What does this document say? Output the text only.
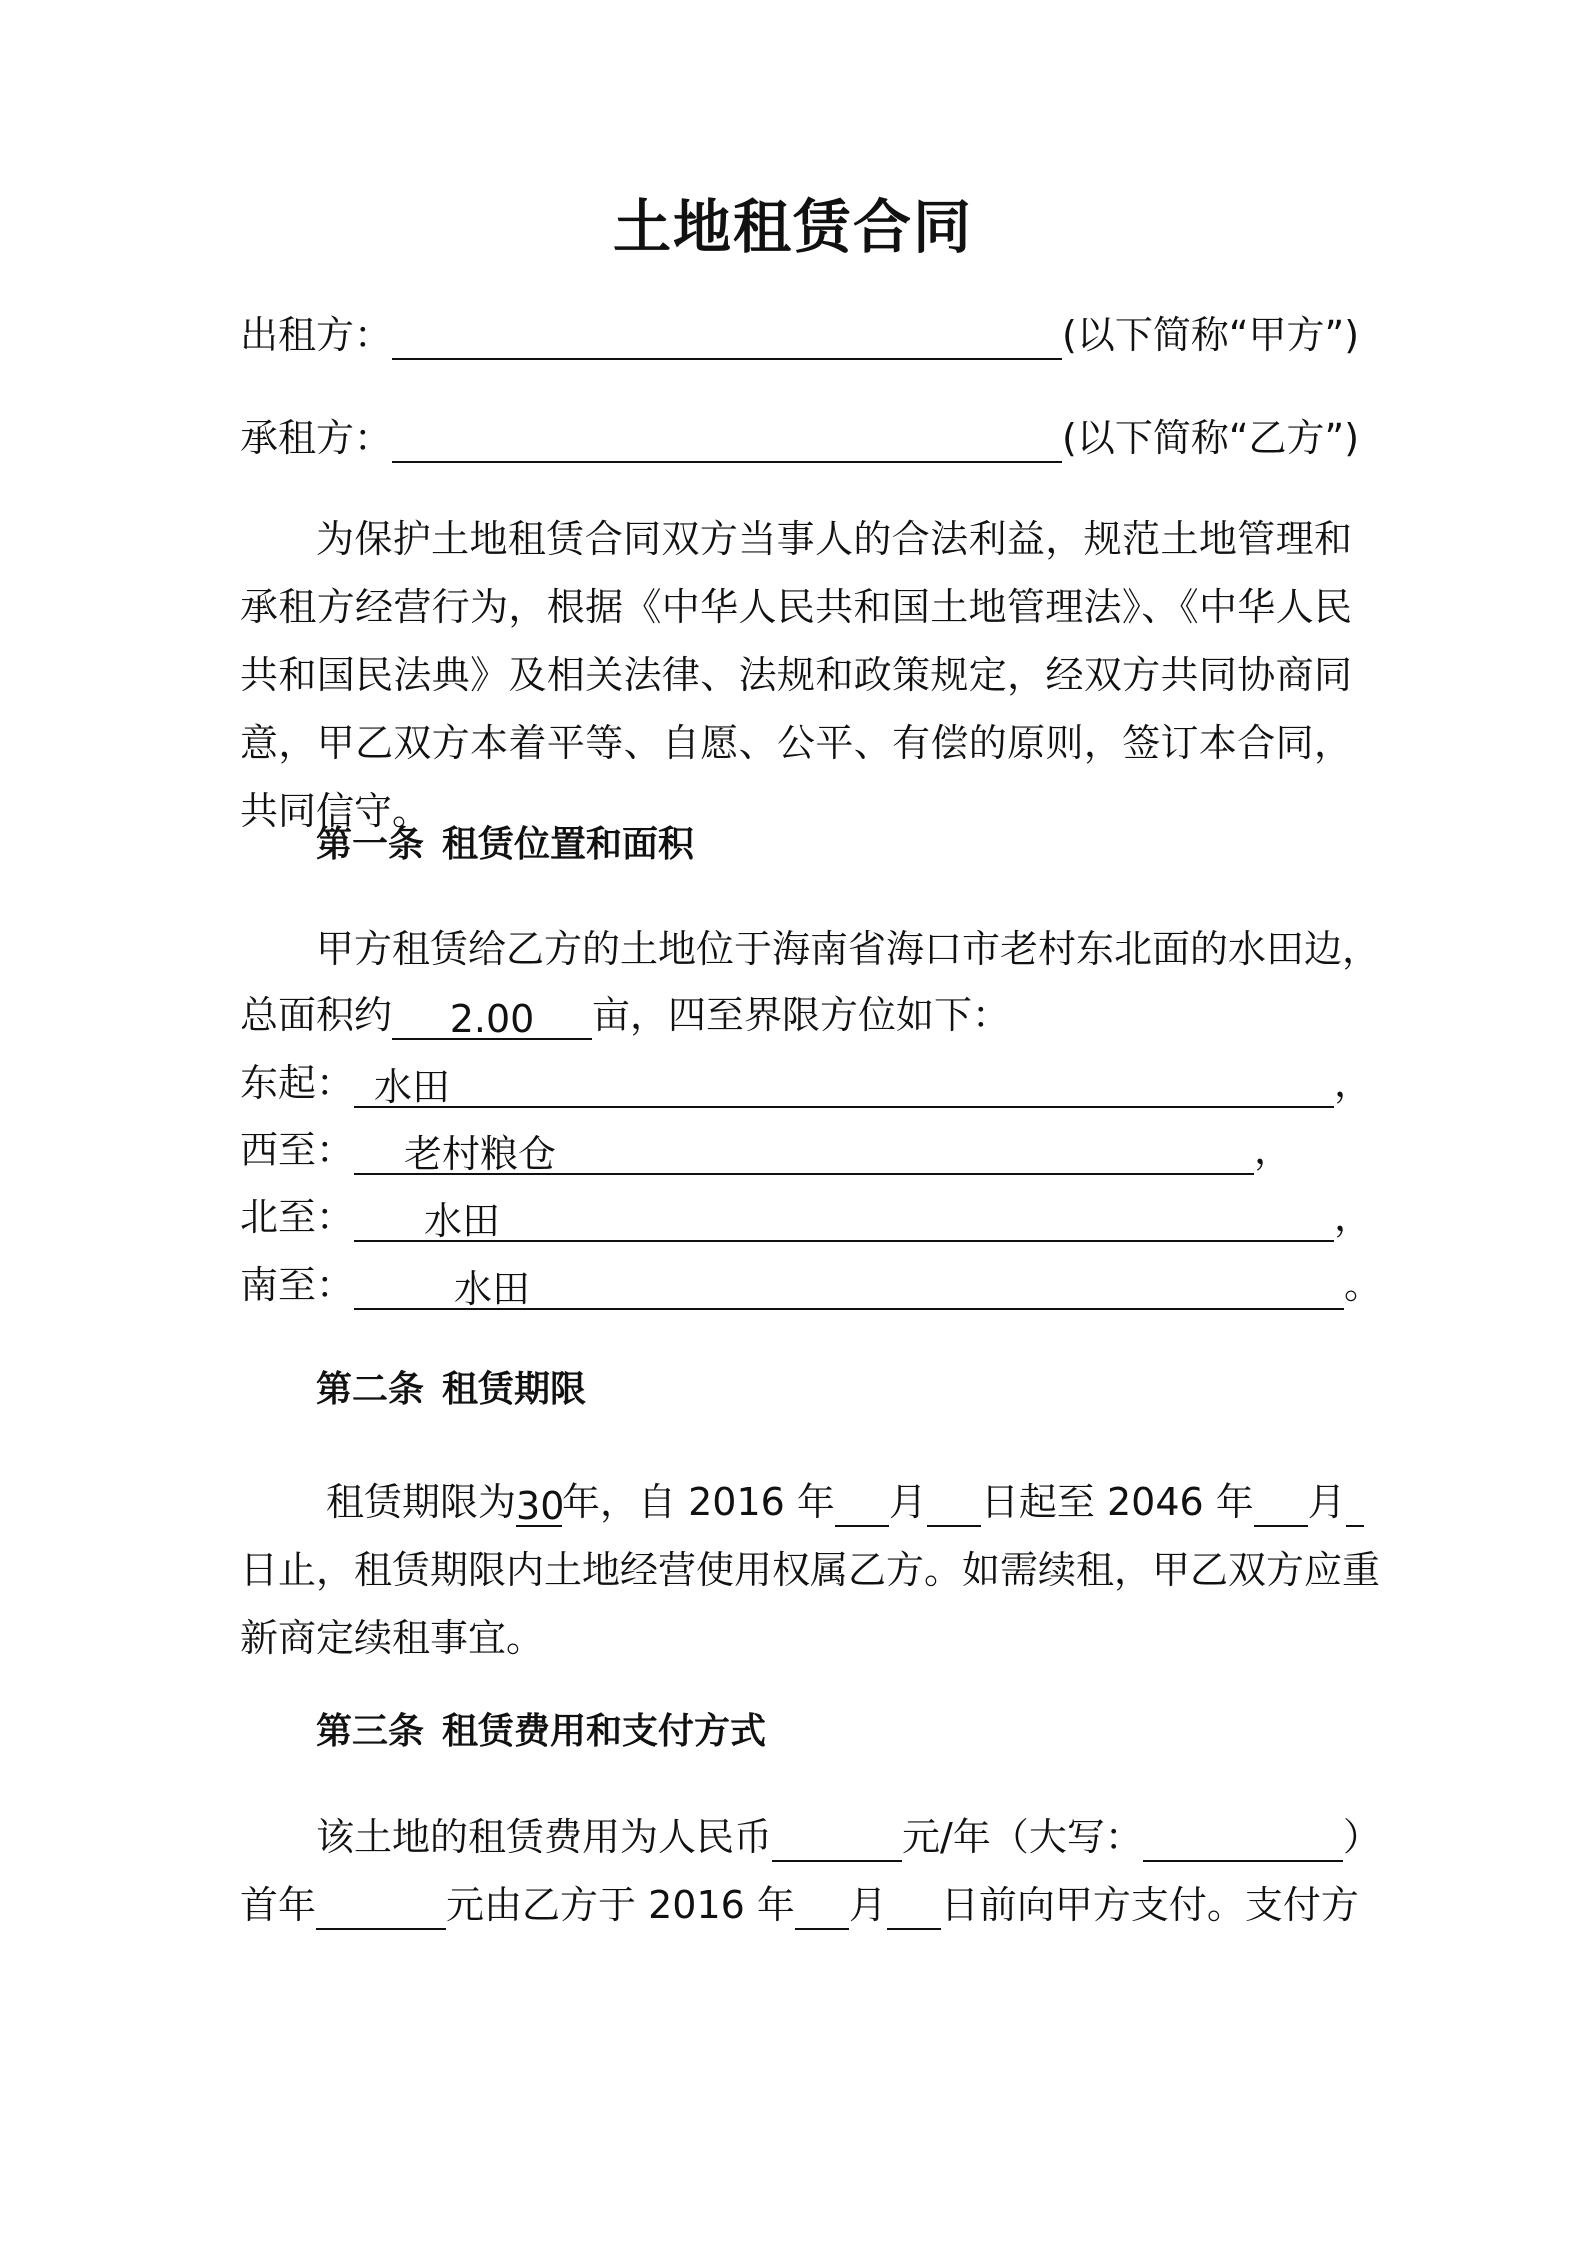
土地租赁合同
出租方：	(以下简称“甲方”)
承租方：	(以下简称“乙方”)
为保护土地租赁合同双方当事人的合法利益，规范土地管理和承租方经营行为，根据《中华人民共和国土地管理法》、《中华人民共和国民法典》及相关法律、法规和政策规定，经双方共同协商同意，甲乙双方本着平等、自愿、公平、有偿的原则，签订本合同，共同信守。
第一条 租赁位置和面积
甲方租赁给乙方的土地位于海南省海口市老村东北面的水田边，
总面积约 2.00 亩，四至界限方位如下：
东起： 水田	，
西至： 老村粮仓	，
北至： 水田	，
南至：	水田	。
第二条 租赁期限
租赁期限为30年，自 2016 年 月 日起至 2046 年 月
日止，租赁期限内土地经营使用权属乙方。如需续租，甲乙双方应重
新商定续租事宜。
第三条 租赁费用和支付方式
该土地的租赁费用为人民币	元/年（大写：	）
首年	元由乙方于 2016 年 月 日前向甲方支付。支付方
